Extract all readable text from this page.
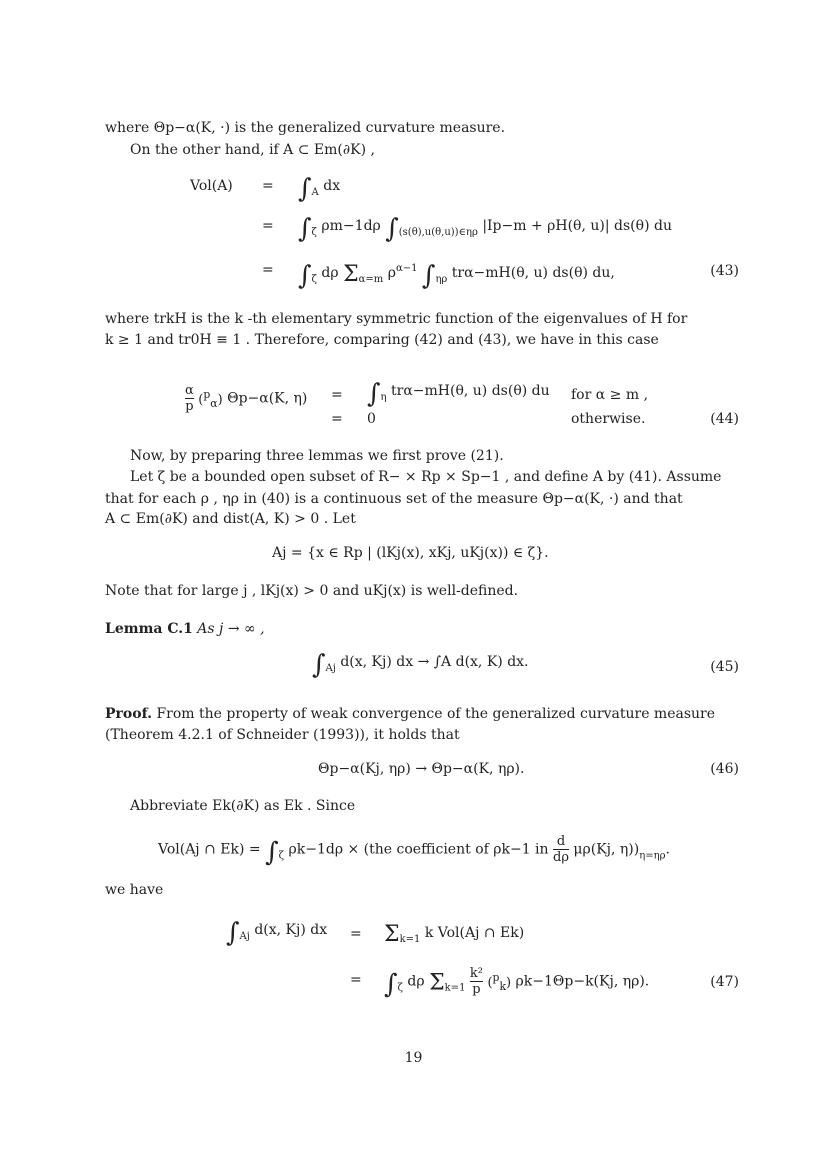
where Θp−α(K, ·) is the generalized curvature measure.
On the other hand, if A ⊂ Em(∂K) ,
$Vol(A) = \int_A$ dx
= $\int_\zeta$ ρm−1dρ $\int_{(s(\theta),u(\theta,u))\in\eta\rho}$ |Ip−m + ρH(θ, u)| ds(θ) du
= $\int_\zeta$ dρ $\Sigma_{\alpha=m}$ $\rho^{\alpha-1}$ $\int_{\eta\rho}$ trα−mH(θ, u) ds(θ) du,	(43)
where trkH is the k -th elementary symmetric function of the eigenvalues of H for
k ≥ 1 and tr0H ≡ 1 . Therefore, comparing (42) and (43), we have in this case
$\frac{\alpha}{p} (^p_\alpha)$ Θp−α(K, $\eta) = \int_\eta$ trα−mH(θ, u) ds(θ) du for α ≥ m ,
= 0	otherwise.	(44)
Now, by preparing three lemmas we first prove (21).
Let ζ be a bounded open subset of R− × Rp × Sp−1 , and define A by (41). Assume
that for each ρ , ηρ in (40) is a continuous set of the measure Θp−α(K, ·) and that
A ⊂ Em(∂K) and dist(A, K) > 0 . Let
Aj = {x ∈ Rp | (lKj(x), xKj, uKj(x)) ∈ ζ}.
Note that for large j , lKj(x) > 0 and uKj(x) is well-defined.
Lemma C.1 As j → ∞ ,
$\int_{Aj}$ d(x, Kj) dx → ∫A d(x, K) dx.	(45)
Proof. From the property of weak convergence of the generalized curvature measure
(Theorem 4.2.1 of Schneider (1993)), it holds that
Θp−α(Kj, ηρ) → Θp−α(K, ηρ).	(46)
Abbreviate Ek(∂K) as Ek . Since
Vol(Aj ∩ $Ek) = \int_\zeta$ ρk−1dρ × (the coefficient of ρk−1 in $\frac{d}{d\rho} \mu\rho(Kj$, $\eta))_{\eta=\eta\rho}$.
we have
$\int_{Aj}$ d(x, Kj) dx = $\Sigma_{k=1}$ k Vol(Aj ∩ Ek)
= $\int_\zeta$ dρ $\Sigma_{k=1} \frac{\text{k²}}{p} (^p_k)$ ρk−1Θp−k(Kj, ηρ).	(47)
19
